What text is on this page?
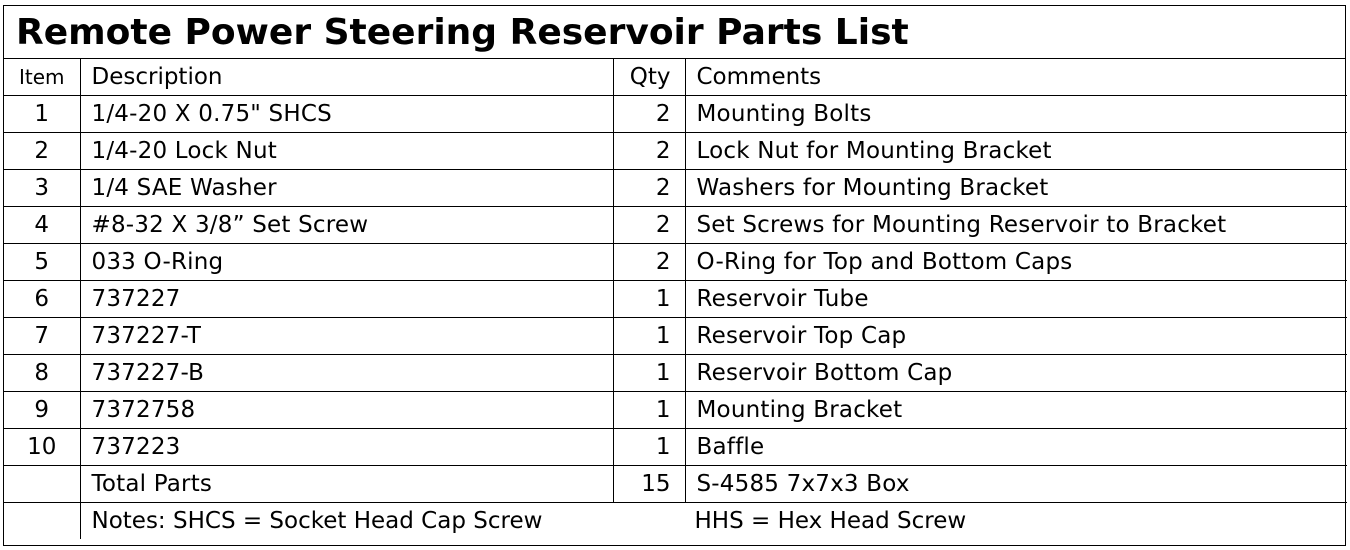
Remote Power Steering Reservoir Parts List
Item	Description	Qty	Comments
1	1/4-20 X 0.75" SHCS	2	Mounting Bolts
2	1/4-20 Lock Nut	2	Lock Nut for Mounting Bracket
3	1/4 SAE Washer	2	Washers for Mounting Bracket
4	#8-32 X 3/8” Set Screw	2	Set Screws for Mounting Reservoir to Bracket
5	033 O-Ring	2	O-Ring for Top and Bottom Caps
6	737227	1	Reservoir Tube
7	737227-T	1	Reservoir Top Cap
8	737227-B	1	Reservoir Bottom Cap
9	7372758	1	Mounting Bracket
10	737223	1	Baffle
	Total Parts	15	S-4585 7x7x3 Box
	Notes: SHCS = Socket Head Cap Screw HHS = Hex Head Screw		
